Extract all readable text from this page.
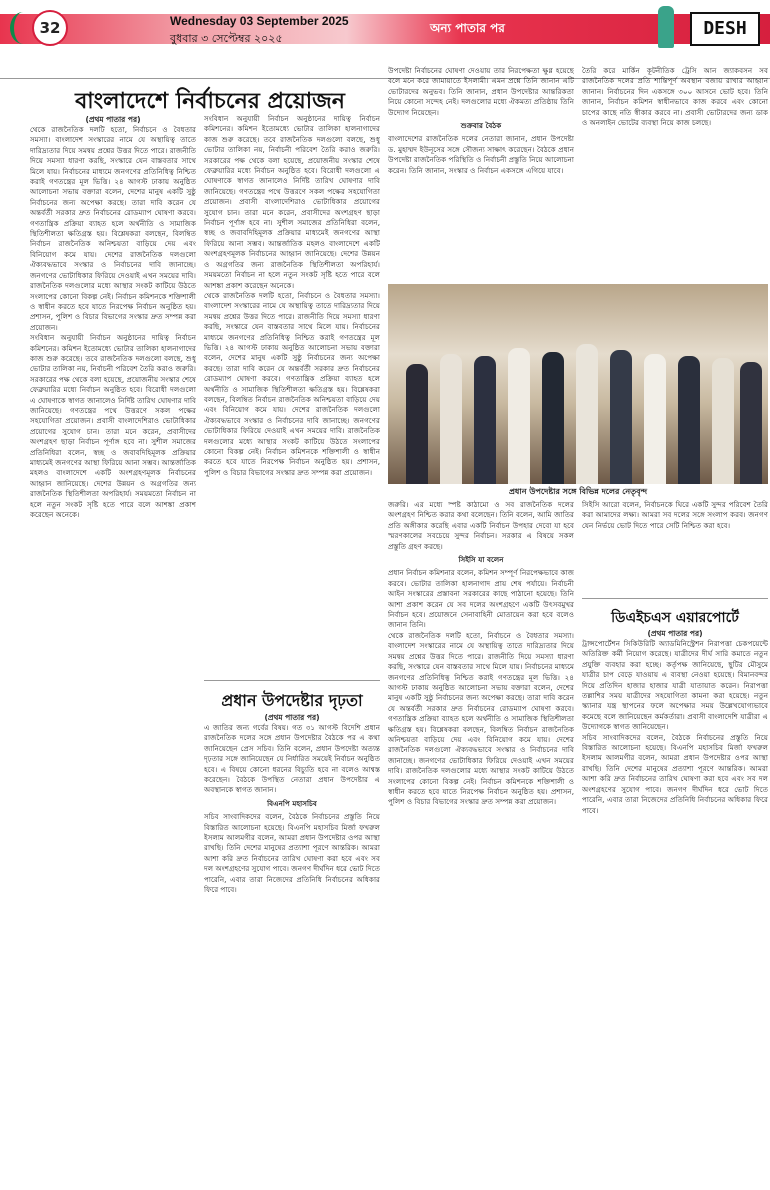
32	Wednesday 03 September 2025
বুধবার ৩ সেপ্টেম্বর ২০২৫
অন্য পাতার পর	DESH
বাংলাদেশে নির্বাচনের প্রয়োজন
(প্রথম পাতার পর)

থেকে রাজনৈতিক দলটি হতো, নির্বাচনে ও বৈধতার সমস্যা। বাংলাদেশ সংস্কারের নামে যে অস্থায়িত্ব তাতে দারিদ্র্যতার দিয়ে সমন্বয় প্রশ্নের উত্তর দিতে পারে। রাজনীতি দিয়ে সমস্যা ধারণা করছি, সংস্কারে যেন বাস্তবতার সাথে মিলে যায়। নির্বাচনের মাধ্যমে জনগণের প্রতিনিধিত্ব নিশ্চিত করাই গণতন্ত্রের মূল ভিত্তি। ২৪ আগস্ট ঢাকায় অনুষ্ঠিত আলোচনা সভায় বক্তারা বলেন, দেশের মানুষ একটি সুষ্ঠু নির্বাচনের জন্য অপেক্ষা করছে। তারা দাবি করেন যে অন্তর্বর্তী সরকার দ্রুত নির্বাচনের রোডম্যাপ ঘোষণা করবে। গণতান্ত্রিক প্রক্রিয়া ব্যাহত হলে অর্থনীতি ও সামাজিক স্থিতিশীলতা ক্ষতিগ্রস্ত হয়। বিশ্লেষকরা বলছেন, বিলম্বিত নির্বাচন রাজনৈতিক অনিশ্চয়তা বাড়িয়ে দেয় এবং বিনিয়োগ কমে যায়। দেশের রাজনৈতিক দলগুলো ঐক্যবদ্ধভাবে সংস্কার ও নির্বাচনের দাবি জানাচ্ছে। জনগণের ভোটাধিকার ফিরিয়ে দেওয়াই এখন সময়ের দাবি। রাজনৈতিক দলগুলোর মধ্যে আস্থার সংকট কাটিয়ে উঠতে সংলাপের কোনো বিকল্প নেই। নির্বাচন কমিশনকে শক্তিশালী ও স্বাধীন করতে হবে যাতে নিরপেক্ষ নির্বাচন অনুষ্ঠিত হয়। প্রশাসন, পুলিশ ও বিচার বিভাগের সংস্কার দ্রুত সম্পন্ন করা প্রয়োজন।

সংবিধান অনুযায়ী নির্বাচন অনুষ্ঠানের দায়িত্ব নির্বাচন কমিশনের। কমিশন ইতোমধ্যে ভোটার তালিকা হালনাগাদের কাজ শুরু করেছে। তবে রাজনৈতিক দলগুলো বলছে, শুধু ভোটার তালিকা নয়, নির্বাচনী পরিবেশ তৈরি করাও জরুরি। সরকারের পক্ষ থেকে বলা হয়েছে, প্রয়োজনীয় সংস্কার শেষে ফেব্রুয়ারির মধ্যে নির্বাচন অনুষ্ঠিত হবে। বিরোধী দলগুলো এ ঘোষণাকে স্বাগত জানালেও নির্দিষ্ট তারিখ ঘোষণার দাবি জানিয়েছে। গণতন্ত্রের পথে উত্তরণে সকল পক্ষের সহযোগিতা প্রয়োজন। প্রবাসী বাংলাদেশিরাও ভোটাধিকার প্রয়োগের সুযোগ চান। তারা মনে করেন, প্রবাসীদের অংশগ্রহণ ছাড়া নির্বাচন পূর্ণাঙ্গ হবে না। সুশীল সমাজের প্রতিনিধিরা বলেন, স্বচ্ছ ও জবাবদিহিমূলক প্রক্রিয়ার মাধ্যমেই জনগণের আস্থা ফিরিয়ে আনা সম্ভব। আন্তর্জাতিক মহলও বাংলাদেশে একটি অংশগ্রহণমূলক নির্বাচনের আহ্বান জানিয়েছে। দেশের উন্নয়ন ও অগ্রগতির জন্য রাজনৈতিক স্থিতিশীলতা অপরিহার্য। সময়মতো নির্বাচন না হলে নতুন সংকট সৃষ্টি হতে পারে বলে আশঙ্কা প্রকাশ করেছেন অনেকে।

সংবিধান অনুযায়ী নির্বাচন অনুষ্ঠানের দায়িত্ব নির্বাচন কমিশনের। কমিশন ইতোমধ্যে ভোটার তালিকা হালনাগাদের কাজ শুরু করেছে। তবে রাজনৈতিক দলগুলো বলছে, শুধু ভোটার তালিকা নয়, নির্বাচনী পরিবেশ তৈরি করাও জরুরি। সরকারের পক্ষ থেকে বলা হয়েছে, প্রয়োজনীয় সংস্কার শেষে ফেব্রুয়ারির মধ্যে নির্বাচন অনুষ্ঠিত হবে। বিরোধী দলগুলো এ ঘোষণাকে স্বাগত জানালেও নির্দিষ্ট তারিখ ঘোষণার দাবি জানিয়েছে। গণতন্ত্রের পথে উত্তরণে সকল পক্ষের সহযোগিতা প্রয়োজন। প্রবাসী বাংলাদেশিরাও ভোটাধিকার প্রয়োগের সুযোগ চান। তারা মনে করেন, প্রবাসীদের অংশগ্রহণ ছাড়া নির্বাচন পূর্ণাঙ্গ হবে না। সুশীল সমাজের প্রতিনিধিরা বলেন, স্বচ্ছ ও জবাবদিহিমূলক প্রক্রিয়ার মাধ্যমেই জনগণের আস্থা ফিরিয়ে আনা সম্ভব। আন্তর্জাতিক মহলও বাংলাদেশে একটি অংশগ্রহণমূলক নির্বাচনের আহ্বান জানিয়েছে। দেশের উন্নয়ন ও অগ্রগতির জন্য রাজনৈতিক স্থিতিশীলতা অপরিহার্য। সময়মতো নির্বাচন না হলে নতুন সংকট সৃষ্টি হতে পারে বলে আশঙ্কা প্রকাশ করেছেন অনেকে।

থেকে রাজনৈতিক দলটি হতো, নির্বাচনে ও বৈধতার সমস্যা। বাংলাদেশ সংস্কারের নামে যে অস্থায়িত্ব তাতে দারিদ্র্যতার দিয়ে সমন্বয় প্রশ্নের উত্তর দিতে পারে। রাজনীতি দিয়ে সমস্যা ধারণা করছি, সংস্কারে যেন বাস্তবতার সাথে মিলে যায়। নির্বাচনের মাধ্যমে জনগণের প্রতিনিধিত্ব নিশ্চিত করাই গণতন্ত্রের মূল ভিত্তি। ২৪ আগস্ট ঢাকায় অনুষ্ঠিত আলোচনা সভায় বক্তারা বলেন, দেশের মানুষ একটি সুষ্ঠু নির্বাচনের জন্য অপেক্ষা করছে। তারা দাবি করেন যে অন্তর্বর্তী সরকার দ্রুত নির্বাচনের রোডম্যাপ ঘোষণা করবে। গণতান্ত্রিক প্রক্রিয়া ব্যাহত হলে অর্থনীতি ও সামাজিক স্থিতিশীলতা ক্ষতিগ্রস্ত হয়। বিশ্লেষকরা বলছেন, বিলম্বিত নির্বাচন রাজনৈতিক অনিশ্চয়তা বাড়িয়ে দেয় এবং বিনিয়োগ কমে যায়। দেশের রাজনৈতিক দলগুলো ঐক্যবদ্ধভাবে সংস্কার ও নির্বাচনের দাবি জানাচ্ছে। জনগণের ভোটাধিকার ফিরিয়ে দেওয়াই এখন সময়ের দাবি। রাজনৈতিক দলগুলোর মধ্যে আস্থার সংকট কাটিয়ে উঠতে সংলাপের কোনো বিকল্প নেই। নির্বাচন কমিশনকে শক্তিশালী ও স্বাধীন করতে হবে যাতে নিরপেক্ষ নির্বাচন অনুষ্ঠিত হয়। প্রশাসন, পুলিশ ও বিচার বিভাগের সংস্কার দ্রুত সম্পন্ন করা প্রয়োজন।

প্রধান উপদেষ্টার দৃঢ়তা
(প্রথম পাতার পর)

এ জাতির জন্য গর্বের বিষয়। গত ৩১ আগস্ট বিদেশি প্রধান রাজনৈতিক দলের সঙ্গে প্রধান উপদেষ্টার বৈঠকে পর এ কথা জানিয়েছেন প্রেস সচিব। তিনি বলেন, প্রধান উপদেষ্টা অত্যন্ত দৃঢ়তার সঙ্গে জানিয়েছেন যে নির্ধারিত সময়েই নির্বাচন অনুষ্ঠিত হবে। এ বিষয়ে কোনো ধরনের বিচ্যুতি হবে না বলেও আশ্বস্ত করেছেন। বৈঠকে উপস্থিত নেতারা প্রধান উপদেষ্টার এ অবস্থানকে স্বাগত জানান।

বিএনপি মহাসচিব

সচিব সাংবাদিকদের বলেন, বৈঠকে নির্বাচনের প্রস্তুতি নিয়ে বিস্তারিত আলোচনা হয়েছে। বিএনপি মহাসচিব মির্জা ফখরুল ইসলাম আলমগীর বলেন, আমরা প্রধান উপদেষ্টার ওপর আস্থা রাখছি। তিনি দেশের মানুষের প্রত্যাশা পূরণে আন্তরিক। আমরা আশা করি দ্রুত নির্বাচনের তারিখ ঘোষণা করা হবে এবং সব দল অংশগ্রহণের সুযোগ পাবে। জনগণ দীর্ঘদিন ধরে ভোট দিতে পারেনি, এবার তারা নিজেদের প্রতিনিধি নির্বাচনের অধিকার ফিরে পাবে।

উপদেষ্টা নির্বাচনের ঘোষণা দেওয়ায় তার নিরপেক্ষতা ক্ষুণ্ণ হয়েছে বলে মনে করে জামায়াতে ইসলামী। এমন প্রশ্নে তিনি জানান এটি ভোটারদের অনুভব। তিনি জানান, প্রধান উপদেষ্টার আন্তরিকতা নিয়ে কোনো সন্দেহ নেই। দলগুলোর মধ্যে ঐকমত্য প্রতিষ্ঠায় তিনি উদ্যোগ নিয়েছেন।

শুক্রবার বৈঠক

বাংলাদেশের রাজনৈতিক দলের নেতারা জানান, প্রধান উপদেষ্টা ড. মুহাম্মদ ইউনূসের সঙ্গে সৌজন্য সাক্ষাৎ করেছেন। বৈঠকে প্রধান উপদেষ্টা রাজনৈতিক পরিস্থিতি ও নির্বাচনী প্রস্তুতি নিয়ে আলোচনা করেন। তিনি জানান, সংস্কার ও নির্বাচন একসঙ্গে এগিয়ে যাবে।

তৈরি করে মার্কিন কূটনীতিক ট্রেসি আন জ্যাকবসন সব রাজনৈতিক দলের প্রতি শান্তিপূর্ণ অবস্থান বজায় রাখার আহ্বান জানান। নির্বাচনের দিন একসঙ্গে ৩০০ আসনে ভোট হবে। তিনি জানান, নির্বাচন কমিশন স্বাধীনভাবে কাজ করবে এবং কোনো চাপের কাছে নতি স্বীকার করবে না। প্রবাসী ভোটারদের জন্য ডাক ও অনলাইন ভোটের ব্যবস্থা নিয়ে কাজ চলছে।

প্রধান উপদেষ্টার সঙ্গে বিভিন্ন দলের নেতৃবৃন্দ

জরুরি। এর মধ্যে স্পষ্ট কাঠামো ও সব রাজনৈতিক দলের অংশগ্রহণ নিশ্চিত করার কথা বলেছেন। তিনি বলেন, আমি জাতির প্রতি অঙ্গীকার করেছি এবার একটি নির্বাচন উপহার দেবো যা হবে স্মরণকালের সবচেয়ে সুন্দর নির্বাচন। সরকার এ বিষয়ে সকল প্রস্তুতি গ্রহণ করছে।

সিইসি যা বলেন

প্রধান নির্বাচন কমিশনার বলেন, কমিশন সম্পূর্ণ নিরপেক্ষভাবে কাজ করবে। ভোটার তালিকা হালনাগাদ প্রায় শেষ পর্যায়ে। নির্বাচনী আইন সংস্কারের প্রস্তাবনা সরকারের কাছে পাঠানো হয়েছে। তিনি আশা প্রকাশ করেন যে সব দলের অংশগ্রহণে একটি উৎসবমুখর নির্বাচন হবে। প্রয়োজনে সেনাবাহিনী মোতায়েন করা হবে বলেও জানান তিনি।

থেকে রাজনৈতিক দলটি হতো, নির্বাচনে ও বৈধতার সমস্যা। বাংলাদেশ সংস্কারের নামে যে অস্থায়িত্ব তাতে দারিদ্র্যতার দিয়ে সমন্বয় প্রশ্নের উত্তর দিতে পারে। রাজনীতি দিয়ে সমস্যা ধারণা করছি, সংস্কারে যেন বাস্তবতার সাথে মিলে যায়। নির্বাচনের মাধ্যমে জনগণের প্রতিনিধিত্ব নিশ্চিত করাই গণতন্ত্রের মূল ভিত্তি। ২৪ আগস্ট ঢাকায় অনুষ্ঠিত আলোচনা সভায় বক্তারা বলেন, দেশের মানুষ একটি সুষ্ঠু নির্বাচনের জন্য অপেক্ষা করছে। তারা দাবি করেন যে অন্তর্বর্তী সরকার দ্রুত নির্বাচনের রোডম্যাপ ঘোষণা করবে। গণতান্ত্রিক প্রক্রিয়া ব্যাহত হলে অর্থনীতি ও সামাজিক স্থিতিশীলতা ক্ষতিগ্রস্ত হয়। বিশ্লেষকরা বলছেন, বিলম্বিত নির্বাচন রাজনৈতিক অনিশ্চয়তা বাড়িয়ে দেয় এবং বিনিয়োগ কমে যায়। দেশের রাজনৈতিক দলগুলো ঐক্যবদ্ধভাবে সংস্কার ও নির্বাচনের দাবি জানাচ্ছে। জনগণের ভোটাধিকার ফিরিয়ে দেওয়াই এখন সময়ের দাবি। রাজনৈতিক দলগুলোর মধ্যে আস্থার সংকট কাটিয়ে উঠতে সংলাপের কোনো বিকল্প নেই। নির্বাচন কমিশনকে শক্তিশালী ও স্বাধীন করতে হবে যাতে নিরপেক্ষ নির্বাচন অনুষ্ঠিত হয়। প্রশাসন, পুলিশ ও বিচার বিভাগের সংস্কার দ্রুত সম্পন্ন করা প্রয়োজন।

সিইসি আরো বলেন, নির্বাচনকে ঘিরে একটি সুন্দর পরিবেশ তৈরি করা আমাদের লক্ষ্য। আমরা সব দলের সঙ্গে সংলাপ করব। জনগণ যেন নির্ভয়ে ভোট দিতে পারে সেটি নিশ্চিত করা হবে।

ডিএইচএস এয়ারপোর্টে
(প্রথম পাতার পর)

ট্রান্সপোর্টেশন সিকিউরিটি অ্যাডমিনিস্ট্রেশন নিরাপত্তা চেকপয়েন্টে অতিরিক্ত কর্মী নিয়োগ করেছে। যাত্রীদের দীর্ঘ সারি কমাতে নতুন প্রযুক্তি ব্যবহার করা হচ্ছে। কর্তৃপক্ষ জানিয়েছে, ছুটির মৌসুমে যাত্রীর চাপ বেড়ে যাওয়ায় এ ব্যবস্থা নেওয়া হয়েছে। বিমানবন্দর দিয়ে প্রতিদিন হাজার হাজার যাত্রী যাতায়াত করেন। নিরাপত্তা তল্লাশির সময় যাত্রীদের সহযোগিতা কামনা করা হয়েছে। নতুন স্ক্যানার যন্ত্র স্থাপনের ফলে অপেক্ষার সময় উল্লেখযোগ্যভাবে কমেছে বলে জানিয়েছেন কর্মকর্তারা। প্রবাসী বাংলাদেশি যাত্রীরা এ উদ্যোগকে স্বাগত জানিয়েছেন।

সচিব সাংবাদিকদের বলেন, বৈঠকে নির্বাচনের প্রস্তুতি নিয়ে বিস্তারিত আলোচনা হয়েছে। বিএনপি মহাসচিব মির্জা ফখরুল ইসলাম আলমগীর বলেন, আমরা প্রধান উপদেষ্টার ওপর আস্থা রাখছি। তিনি দেশের মানুষের প্রত্যাশা পূরণে আন্তরিক। আমরা আশা করি দ্রুত নির্বাচনের তারিখ ঘোষণা করা হবে এবং সব দল অংশগ্রহণের সুযোগ পাবে। জনগণ দীর্ঘদিন ধরে ভোট দিতে পারেনি, এবার তারা নিজেদের প্রতিনিধি নির্বাচনের অধিকার ফিরে পাবে।
